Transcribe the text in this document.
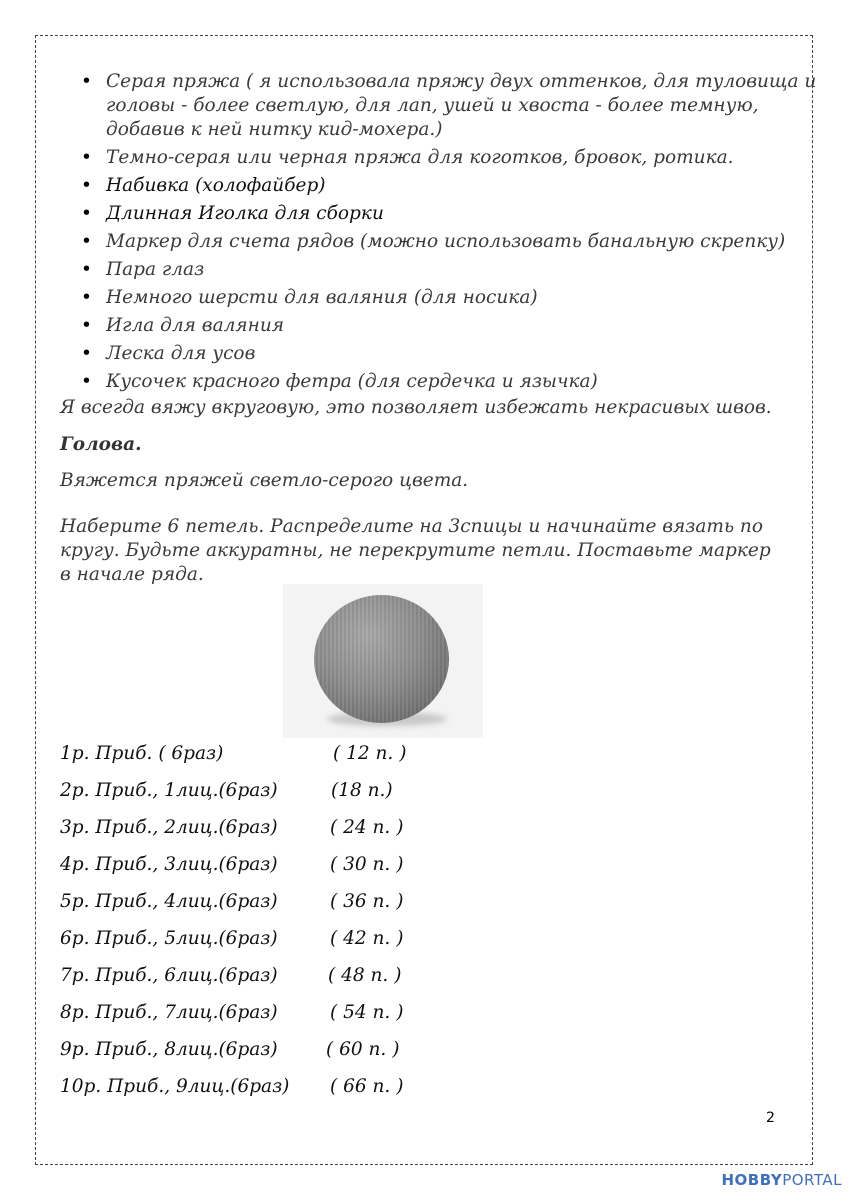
• Серая пряжа ( я использовала пряжу двух оттенков, для туловища и головы - более светлую, для лап, ушей и хвоста - более темную, добавив к ней нитку кид-мохера.)
• Темно-серая или черная пряжа для коготков, бровок, ротика.
• Набивка (холофайбер)
• Длинная Иголка для сборки
• Маркер для счета рядов (можно использовать банальную скрепку)
• Пара глаз
• Немного шерсти для валяния (для носика)
• Игла для валяния
• Леска для усов
• Кусочек красного фетра (для сердечка и язычка)

Я всегда вяжу вкруговую, это позволяет избежать некрасивых швов.

Голова.

Вяжется пряжей светло-серого цвета.

Наберите 6 петель. Распределите на 3спицы и начинайте вязать по кругу. Будьте аккуратны, не перекрутите петли. Поставьте маркер в начале ряда.

1р. Приб. ( 6раз)	( 12 п. )
2р. Приб., 1лиц.(6раз)	(18 п.)
3р. Приб., 2лиц.(6раз)	( 24 п. )
4р. Приб., 3лиц.(6раз)	( 30 п. )
5р. Приб., 4лиц.(6раз)	( 36 п. )
6р. Приб., 5лиц.(6раз)	( 42 п. )
7р. Приб., 6лиц.(6раз)	( 48 п. )
8р. Приб., 7лиц.(6раз)	( 54 п. )
9р. Приб., 8лиц.(6раз)	( 60 п. )
10р. Приб., 9лиц.(6раз) ( 66 п. )
2
HOBBYPORTAL
